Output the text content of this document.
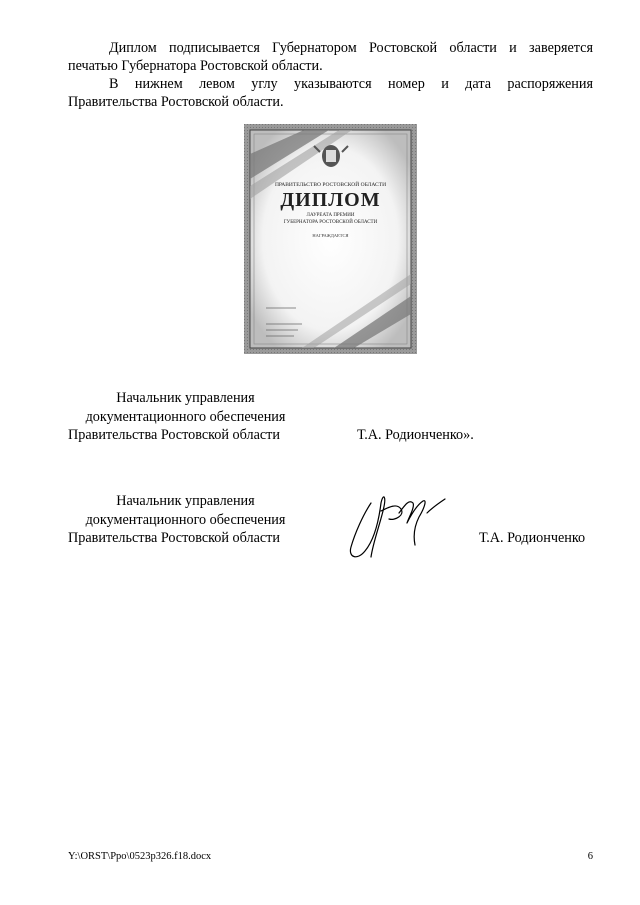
Диплом подписывается Губернатором Ростовской области и заверяется

печатью Губернатора Ростовской области.

В нижнем левом углу указываются номер и дата распоряжения

Правительства Ростовской области.

ПРАВИТЕЛЬСТВО РОСТОВСКОЙ ОБЛАСТИ
ДИПЛОМ
ЛАУРЕАТА ПРЕМИИ
ГУБЕРНАТОРА РОСТОВСКОЙ ОБЛАСТИ
НАГРАЖДАЕТСЯ
Начальник управления
документационного обеспечения
Правительства Ростовской области	Т.А. Родионченко».
Начальник управления
документационного обеспечения
Правительства Ростовской области	Т.А. Родионченко
Y:\ORST\Ppo\0523p326.f18.docx	6
